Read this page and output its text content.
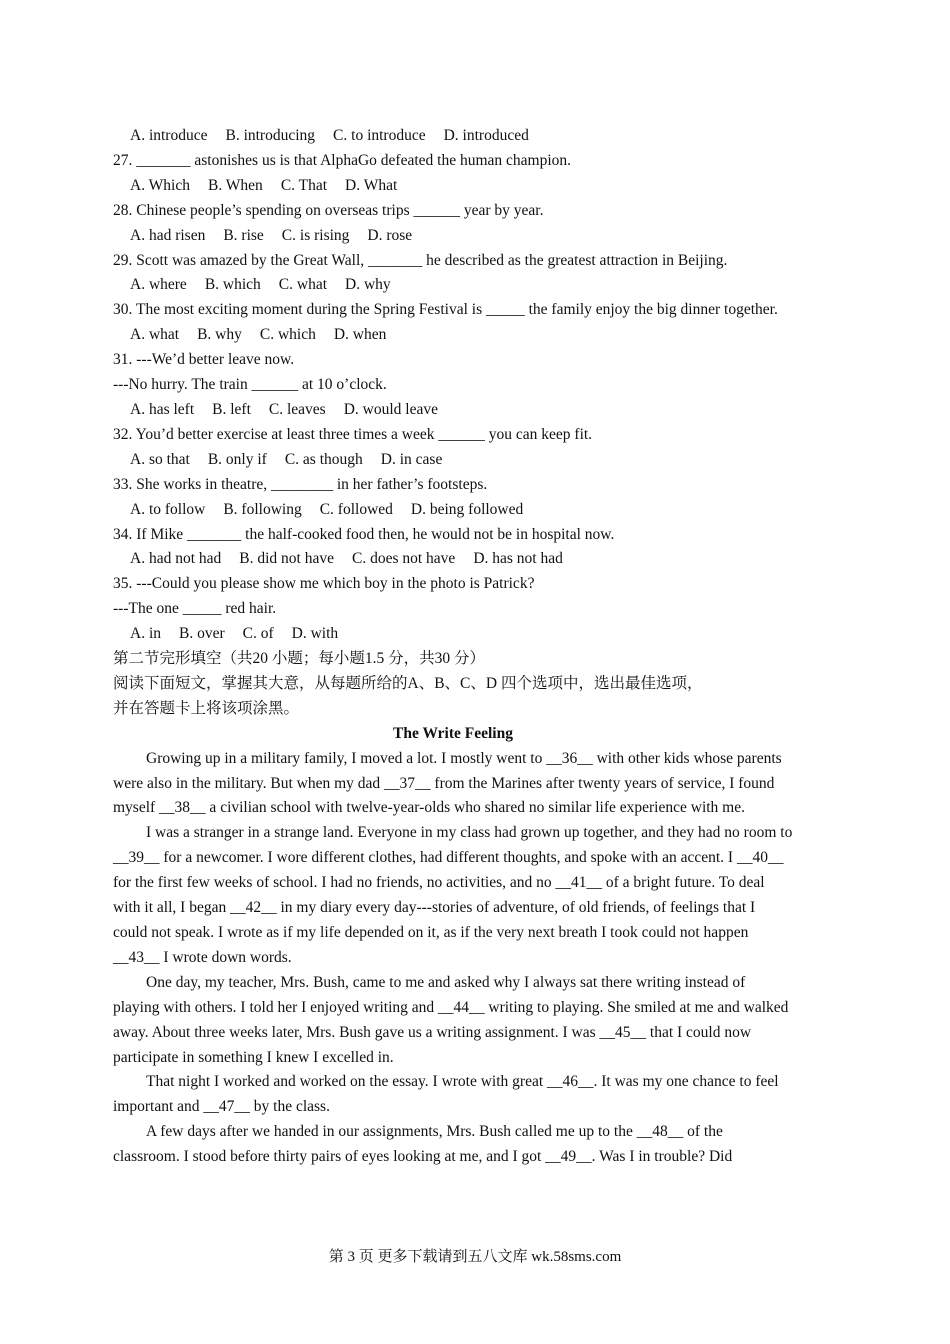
A. introduce B. introducing C. to introduce D. introduced
27. _______ astonishes us is that AlphaGo defeated the human champion.
A. Which B. When C. That D. What
28. Chinese people’s spending on overseas trips ______ year by year.
A. had risen B. rise C. is rising D. rose
29. Scott was amazed by the Great Wall, _______ he described as the greatest attraction in Beijing.
A. where B. which C. what D. why
30. The most exciting moment during the Spring Festival is _____ the family enjoy the big dinner together.
A. what B. why C. which D. when
31. ---We’d better leave now.
---No hurry. The train ______ at 10 o’clock.
A. has left B. left C. leaves D. would leave
32. You’d better exercise at least three times a week ______ you can keep fit.
A. so that B. only if C. as though D. in case
33. She works in theatre, ________ in her father’s footsteps.
A. to follow B. following C. followed D. being followed
34. If Mike _______ the half-cooked food then, he would not be in hospital now.
A. had not had B. did not have C. does not have D. has not had
35. ---Could you please show me which boy in the photo is Patrick?
---The one _____ red hair.
A. in B. over C. of D. with
第二节完形填空（共20 小题；每小题1.5 分，共30 分）
阅读下面短文，掌握其大意，从每题所给的A、B、C、D 四个选项中，选出最佳选项，
并在答题卡上将该项涂黑。
The Write Feeling
Growing up in a military family, I moved a lot. I mostly went to __36__ with other kids whose parents were also in the military. But when my dad __37__ from the Marines after twenty years of service, I found myself __38__ a civilian school with twelve-year-olds who shared no similar life experience with me.
I was a stranger in a strange land. Everyone in my class had grown up together, and they had no room to __39__ for a newcomer. I wore different clothes, had different thoughts, and spoke with an accent. I __40__ for the first few weeks of school. I had no friends, no activities, and no __41__ of a bright future. To deal with it all, I began __42__ in my diary every day---stories of adventure, of old friends, of feelings that I could not speak. I wrote as if my life depended on it, as if the very next breath I took could not happen __43__ I wrote down words.
One day, my teacher, Mrs. Bush, came to me and asked why I always sat there writing instead of playing with others. I told her I enjoyed writing and __44__ writing to playing. She smiled at me and walked away. About three weeks later, Mrs. Bush gave us a writing assignment. I was __45__ that I could now participate in something I knew I excelled in.
That night I worked and worked on the essay. I wrote with great __46__. It was my one chance to feel important and __47__ by the class.
A few days after we handed in our assignments, Mrs. Bush called me up to the __48__ of the classroom. I stood before thirty pairs of eyes looking at me, and I got __49__. Was I in trouble? Did
第 3 页 更多下载请到五八文库 wk.58sms.com
